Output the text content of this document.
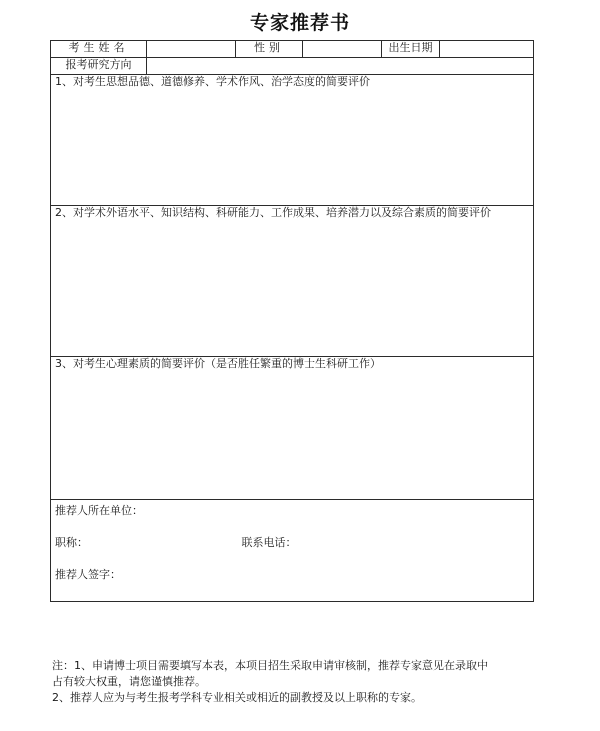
专家推荐书
考生姓名		性别		出生日期	
报考研究方向					
1、对考生思想品德、道德修养、学术作风、治学态度的简要评价					
2、对学术外语水平、知识结构、科研能力、工作成果、培养潜力以及综合素质的简要评价					
3、对考生心理素质的简要评价（是否胜任繁重的博士生科研工作）					

推荐人所在单位：
职称： 联系电话：
推荐人签字：					

注：1、申请博士项目需要填写本表，本项目招生采取申请审核制，推荐专家意见在录取中

占有较大权重，请您谨慎推荐。

2、推荐人应为与考生报考学科专业相关或相近的副教授及以上职称的专家。
